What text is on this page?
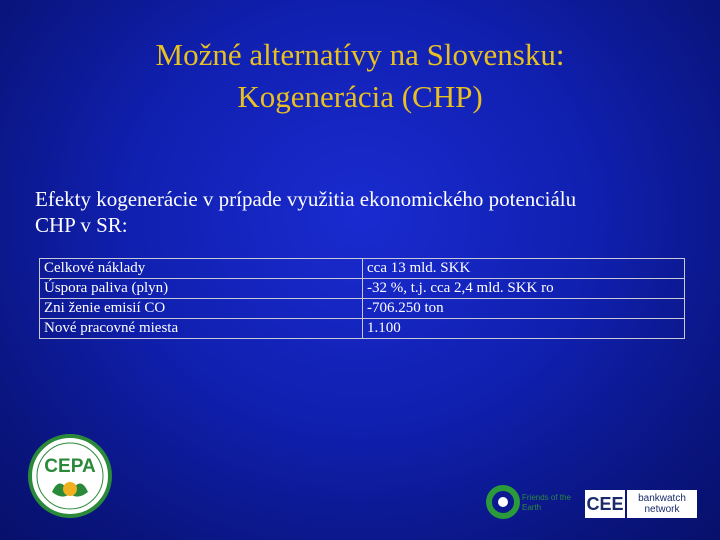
Možné alternatívy na Slovensku:
Kogenerácia (CHP)
Efekty kogenerácie v prípade využitia ekonomického potenciálu
CHP v SR:
Celkové náklady	cca 13 mld. SKK
Úspora paliva (plyn)	-32 %, t.j. cca 2,4 mld. SKK ro
Zni ženie emisií CO	-706.250 ton
Nové pracovné miesta	1.100
CEPA
Friends of the
Earth	CEE	bankwatch
network
